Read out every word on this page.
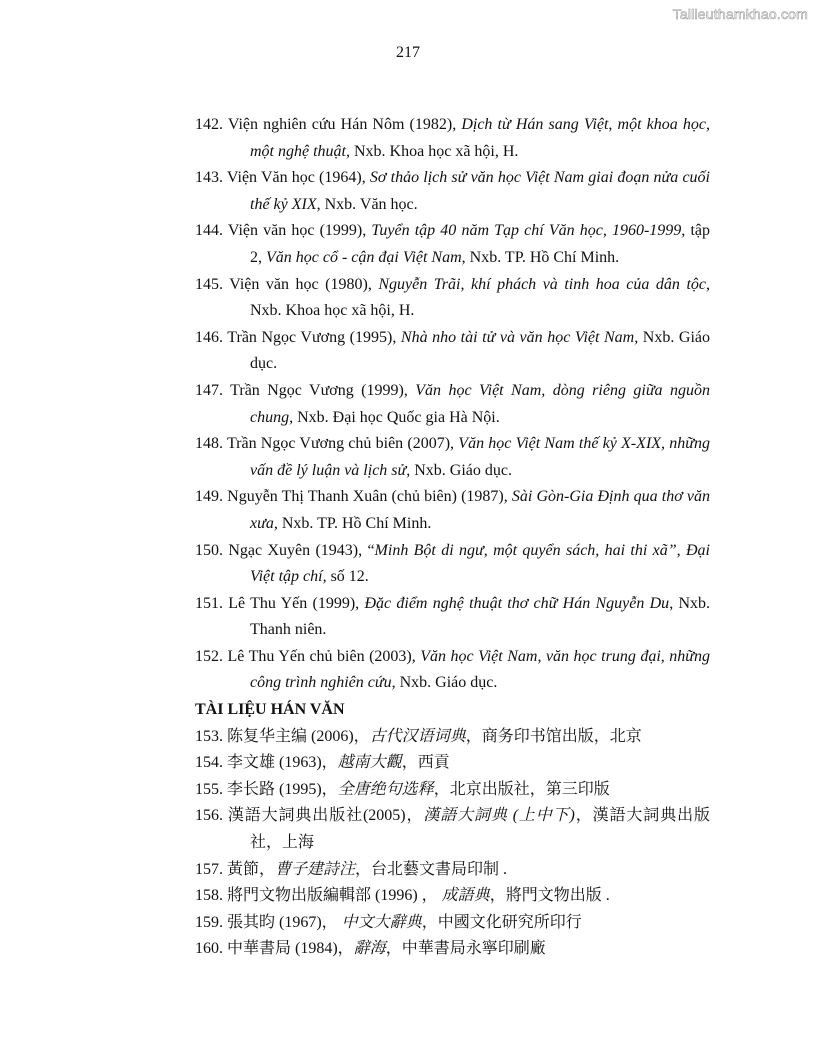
Tailieuthamkhao.com
217
142. Viện nghiên cứu Hán Nôm (1982), Dịch từ Hán sang Việt, một khoa học, một nghệ thuật, Nxb. Khoa học xã hội, H.
143. Viện Văn học (1964), Sơ thảo lịch sử văn học Việt Nam giai đoạn nửa cuối thế kỷ XIX, Nxb. Văn học.
144. Viện văn học (1999), Tuyển tập 40 năm Tạp chí Văn học, 1960-1999, tập 2, Văn học cổ - cận đại Việt Nam, Nxb. TP. Hồ Chí Minh.
145. Viện văn học (1980), Nguyễn Trãi, khí phách và tinh hoa của dân tộc, Nxb. Khoa học xã hội, H.
146. Trần Ngọc Vương (1995), Nhà nho tài tử và văn học Việt Nam, Nxb. Giáo dục.
147. Trần Ngọc Vương (1999), Văn học Việt Nam, dòng riêng giữa nguồn chung, Nxb. Đại học Quốc gia Hà Nội.
148. Trần Ngọc Vương chủ biên (2007), Văn học Việt Nam thế kỷ X-XIX, những vấn đề lý luận và lịch sử, Nxb. Giáo dục.
149. Nguyễn Thị Thanh Xuân (chủ biên) (1987), Sài Gòn-Gia Định qua thơ văn xưa, Nxb. TP. Hồ Chí Minh.
150. Ngạc Xuyên (1943), “Minh Bột di ngư, một quyển sách, hai thi xã”, Đại Việt tập chí, số 12.
151. Lê Thu Yến (1999), Đặc điểm nghệ thuật thơ chữ Hán Nguyễn Du, Nxb. Thanh niên.
152. Lê Thu Yến chủ biên (2003), Văn học Việt Nam, văn học trung đại, những công trình nghiên cứu, Nxb. Giáo dục.
TÀI LIỆU HÁN VĂN
153. 陈复华主编 (2006)，古代汉语词典，商务印书馆出版，北京
154. 李文雄 (1963)，越南大觀，西貢
155. 李长路 (1995)，全唐绝句选释，北京出版社，第三印版
156. 漢語大詞典出版社(2005)，漢語大詞典 (上中下)，漢語大詞典出版社，上海
157. 黃節，曹子建詩注，台北藝文書局印制 .
158. 將門文物出版編輯部 (1996) ， 成語典，將門文物出版 .
159. 張其昀 (1967)， 中文大辭典，中國文化研究所印行
160. 中華書局 (1984)，辭海，中華書局永寧印刷廠
